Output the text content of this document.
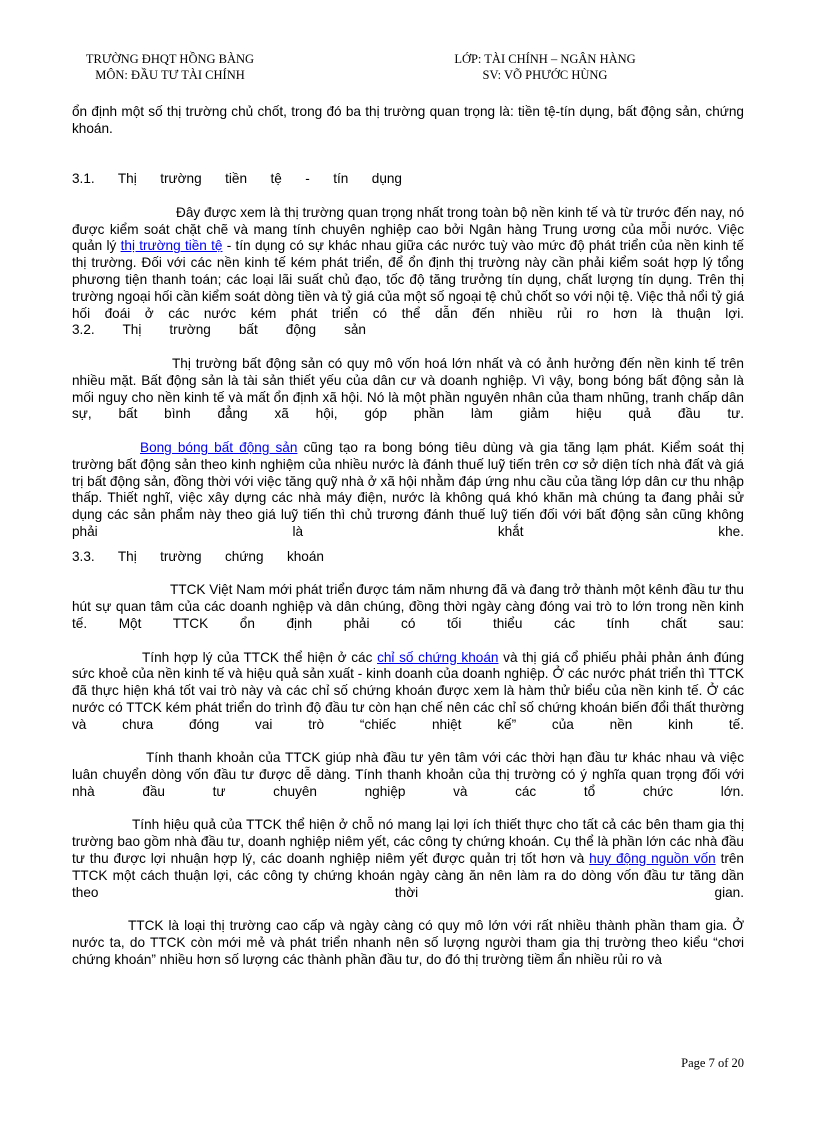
TRƯỜNG ĐHQT HỒNG BÀNG
MÔN: ĐẦU TƯ TÀI CHÍNH
LỚP: TÀI CHÍNH – NGÂN HÀNG
SV: VÕ PHƯỚC HÙNG

ổn định một số thị trường chủ chốt, trong đó ba thị trường quan trọng là: tiền tệ-tín dụng, bất động sản, chứng khoán.

3.1. Thị trường tiền tệ - tín dụng

Đây được xem là thị trường quan trọng nhất trong toàn bộ nền kinh tế và từ trước đến nay, nó được kiểm soát chặt chẽ và mang tính chuyên nghiệp cao bởi Ngân hàng Trung ương của mỗi nước. Việc quản lý thị trường tiền tệ - tín dụng có sự khác nhau giữa các nước tuỳ vào mức độ phát triển của nền kinh tế thị trường. Đối với các nền kinh tế kém phát triển, để ổn định thị trường này cần phải kiểm soát hợp lý tổng phương tiện thanh toán; các loại lãi suất chủ đạo, tốc độ tăng trưởng tín dụng, chất lượng tín dụng. Trên thị trường ngoại hối cần kiểm soát dòng tiền và tỷ giá của một số ngoại tệ chủ chốt so với nội tệ. Việc thả nổi tỷ giá hối đoái ở các nước kém phát triển có thể dẫn đến nhiều rủi ro hơn là thuận lợi.

3.2. Thị trường bất động sản

Thị trường bất động sản có quy mô vốn hoá lớn nhất và có ảnh hưởng đến nền kinh tế trên nhiều mặt. Bất động sản là tài sản thiết yếu của dân cư và doanh nghiệp. Vì vậy, bong bóng bất động sản là mối nguy cho nền kinh tế và mất ổn định xã hội. Nó là một phần nguyên nhân của tham nhũng, tranh chấp dân sự, bất bình đẳng xã hội, góp phần làm giảm hiệu quả đầu tư.

Bong bóng bất động sản cũng tạo ra bong bóng tiêu dùng và gia tăng lạm phát. Kiểm soát thị trường bất động sản theo kinh nghiệm của nhiều nước là đánh thuế luỹ tiến trên cơ sở diện tích nhà đất và giá trị bất động sản, đồng thời với việc tăng quỹ nhà ở xã hội nhằm đáp ứng nhu cầu của tầng lớp dân cư thu nhập thấp. Thiết nghĩ, việc xây dựng các nhà máy điện, nước là không quá khó khăn mà chúng ta đang phải sử dụng các sản phẩm này theo giá luỹ tiến thì chủ trương đánh thuế luỹ tiến đối với bất động sản cũng không phải là khắt khe.

3.3. Thị trường chứng khoán

TTCK Việt Nam mới phát triển được tám năm nhưng đã và đang trở thành một kênh đầu tư thu hút sự quan tâm của các doanh nghiệp và dân chúng, đồng thời ngày càng đóng vai trò to lớn trong nền kinh tế. Một TTCK ổn định phải có tối thiểu các tính chất sau:

Tính hợp lý của TTCK thể hiện ở các chỉ số chứng khoán và thị giá cổ phiếu phải phản ánh đúng sức khoẻ của nền kinh tế và hiệu quả sản xuất - kinh doanh của doanh nghiệp. Ở các nước phát triển thì TTCK đã thực hiện khá tốt vai trò này và các chỉ số chứng khoán được xem là hàm thử biểu của nền kinh tế. Ở các nước có TTCK kém phát triển do trình độ đầu tư còn hạn chế nên các chỉ số chứng khoán biến đổi thất thường và chưa đóng vai trò “chiếc nhiệt kế” của nền kinh tế.

Tính thanh khoản của TTCK giúp nhà đầu tư yên tâm với các thời hạn đầu tư khác nhau và việc luân chuyển dòng vốn đầu tư được dễ dàng. Tính thanh khoản của thị trường có ý nghĩa quan trọng đối với nhà đầu tư chuyên nghiệp và các tổ chức lớn.

Tính hiệu quả của TTCK thể hiện ở chỗ nó mang lại lợi ích thiết thực cho tất cả các bên tham gia thị trường bao gồm nhà đầu tư, doanh nghiệp niêm yết, các công ty chứng khoán. Cụ thể là phần lớn các nhà đầu tư thu được lợi nhuận hợp lý, các doanh nghiệp niêm yết được quản trị tốt hơn và huy động nguồn vốn trên TTCK một cách thuận lợi, các công ty chứng khoán ngày càng ăn nên làm ra do dòng vốn đầu tư tăng dần theo thời gian.

TTCK là loại thị trường cao cấp và ngày càng có quy mô lớn với rất nhiều thành phần tham gia. Ở nước ta, do TTCK còn mới mẻ và phát triển nhanh nên số lượng người tham gia thị trường theo kiểu “chơi chứng khoán” nhiều hơn số lượng các thành phần đầu tư, do đó thị trường tiềm ẩn nhiều rủi ro và

Page 7 of 20
